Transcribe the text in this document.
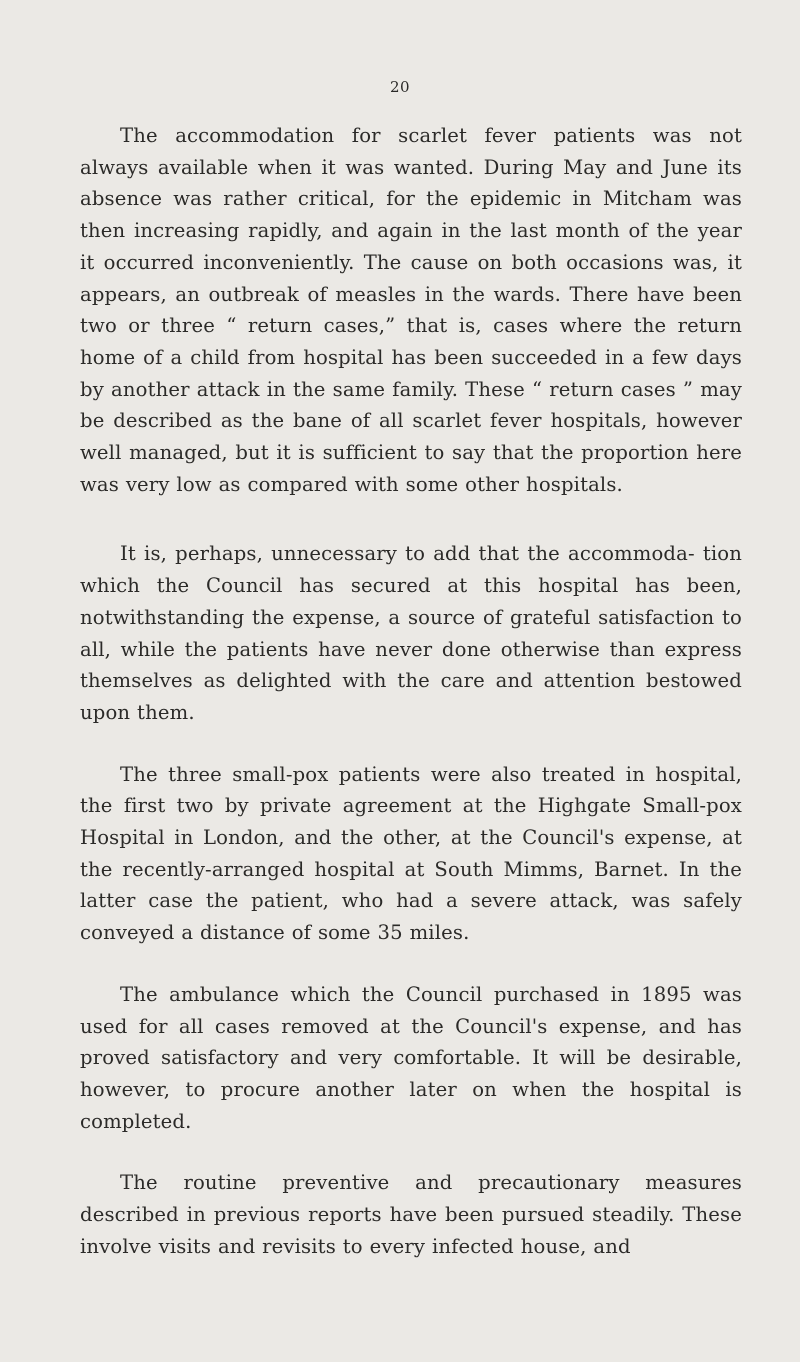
20

The accommodation for scarlet fever patients was not always available when it was wanted. During May and June its absence was rather critical, for the epidemic in Mitcham was then increasing rapidly, and again in the last month of the year it occurred inconveniently. The cause on both occasions was, it appears, an outbreak of measles in the wards. There have been two or three “ return cases,” that is, cases where the return home of a child from hospital has been succeeded in a few days by another attack in the same family. These “ return cases ” may be described as the bane of all scarlet fever hospitals, however well managed, but it is sufficient to say that the proportion here was very low as compared with some other hospitals.

It is, perhaps, unnecessary to add that the accommoda- tion which the Council has secured at this hospital has been, notwithstanding the expense, a source of grateful satisfaction to all, while the patients have never done otherwise than express themselves as delighted with the care and attention bestowed upon them.

The three small-pox patients were also treated in hospital, the first two by private agreement at the Highgate Small-pox Hospital in London, and the other, at the Council's expense, at the recently-arranged hospital at South Mimms, Barnet. In the latter case the patient, who had a severe attack, was safely conveyed a distance of some 35 miles.

The ambulance which the Council purchased in 1895 was used for all cases removed at the Council's expense, and has proved satisfactory and very comfortable. It will be desirable, however, to procure another later on when the hospital is completed.

The routine preventive and precautionary measures described in previous reports have been pursued steadily. These involve visits and revisits to every infected house, and
